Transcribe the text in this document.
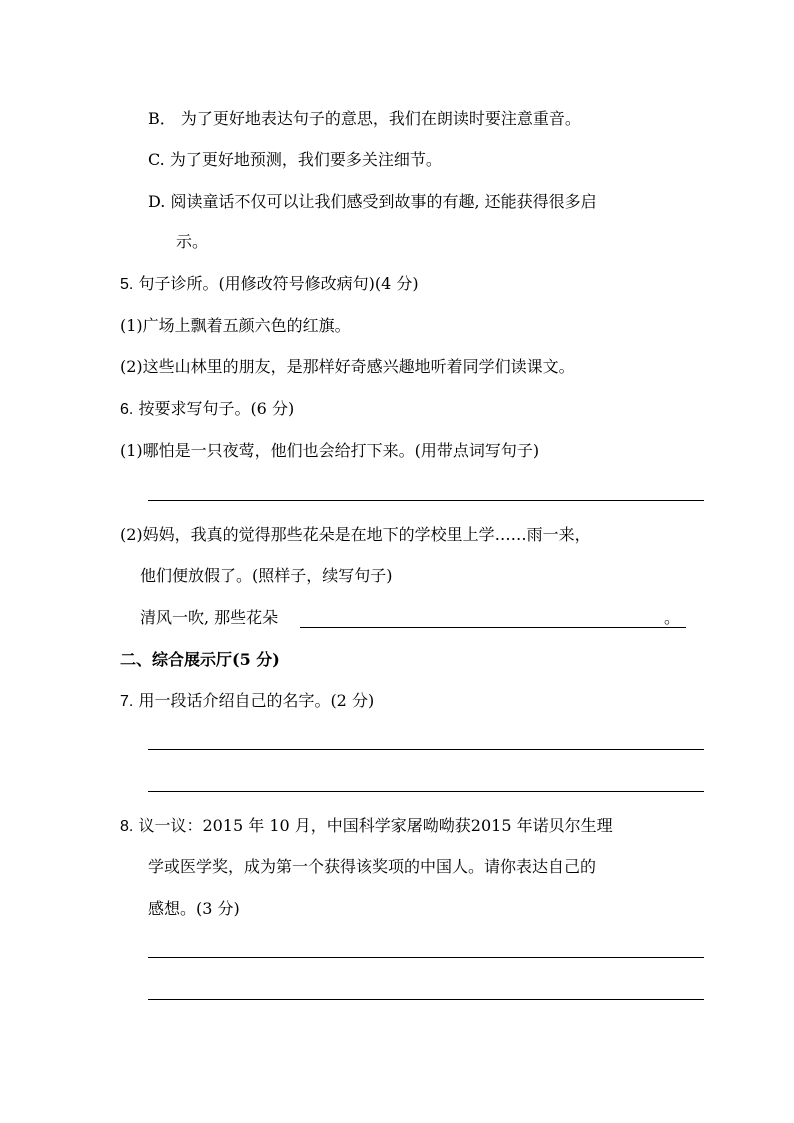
B． 为了更好地表达句子的意思，我们在朗读时要注意重音。
C. 为了更好地预测，我们要多关注细节。
D. 阅读童话不仅可以让我们感受到故事的有趣, 还能获得很多启
示。
5. 句子诊所。(用修改符号修改病句)(4 分)
(1)广场上飘着五颜六色的红旗。
(2)这些山林里的朋友，是那样好奇感兴趣地听着同学们读课文。
6. 按要求写句子。(6 分)
(1)哪怕是一只夜莺，他们也会给打下来。(用带点词写句子)
(2)妈妈，我真的觉得那些花朵是在地下的学校里上学……雨一来，
他们便放假了。(照样子，续写句子)
清风一吹, 那些花朵	。
二、综合展示厅(5 分)
7. 用一段话介绍自己的名字。(2 分)
8. 议一议：2015 年 10 月，中国科学家屠呦呦获2015 年诺贝尔生理
学或医学奖，成为第一个获得该奖项的中国人。请你表达自己的
感想。(3 分)
